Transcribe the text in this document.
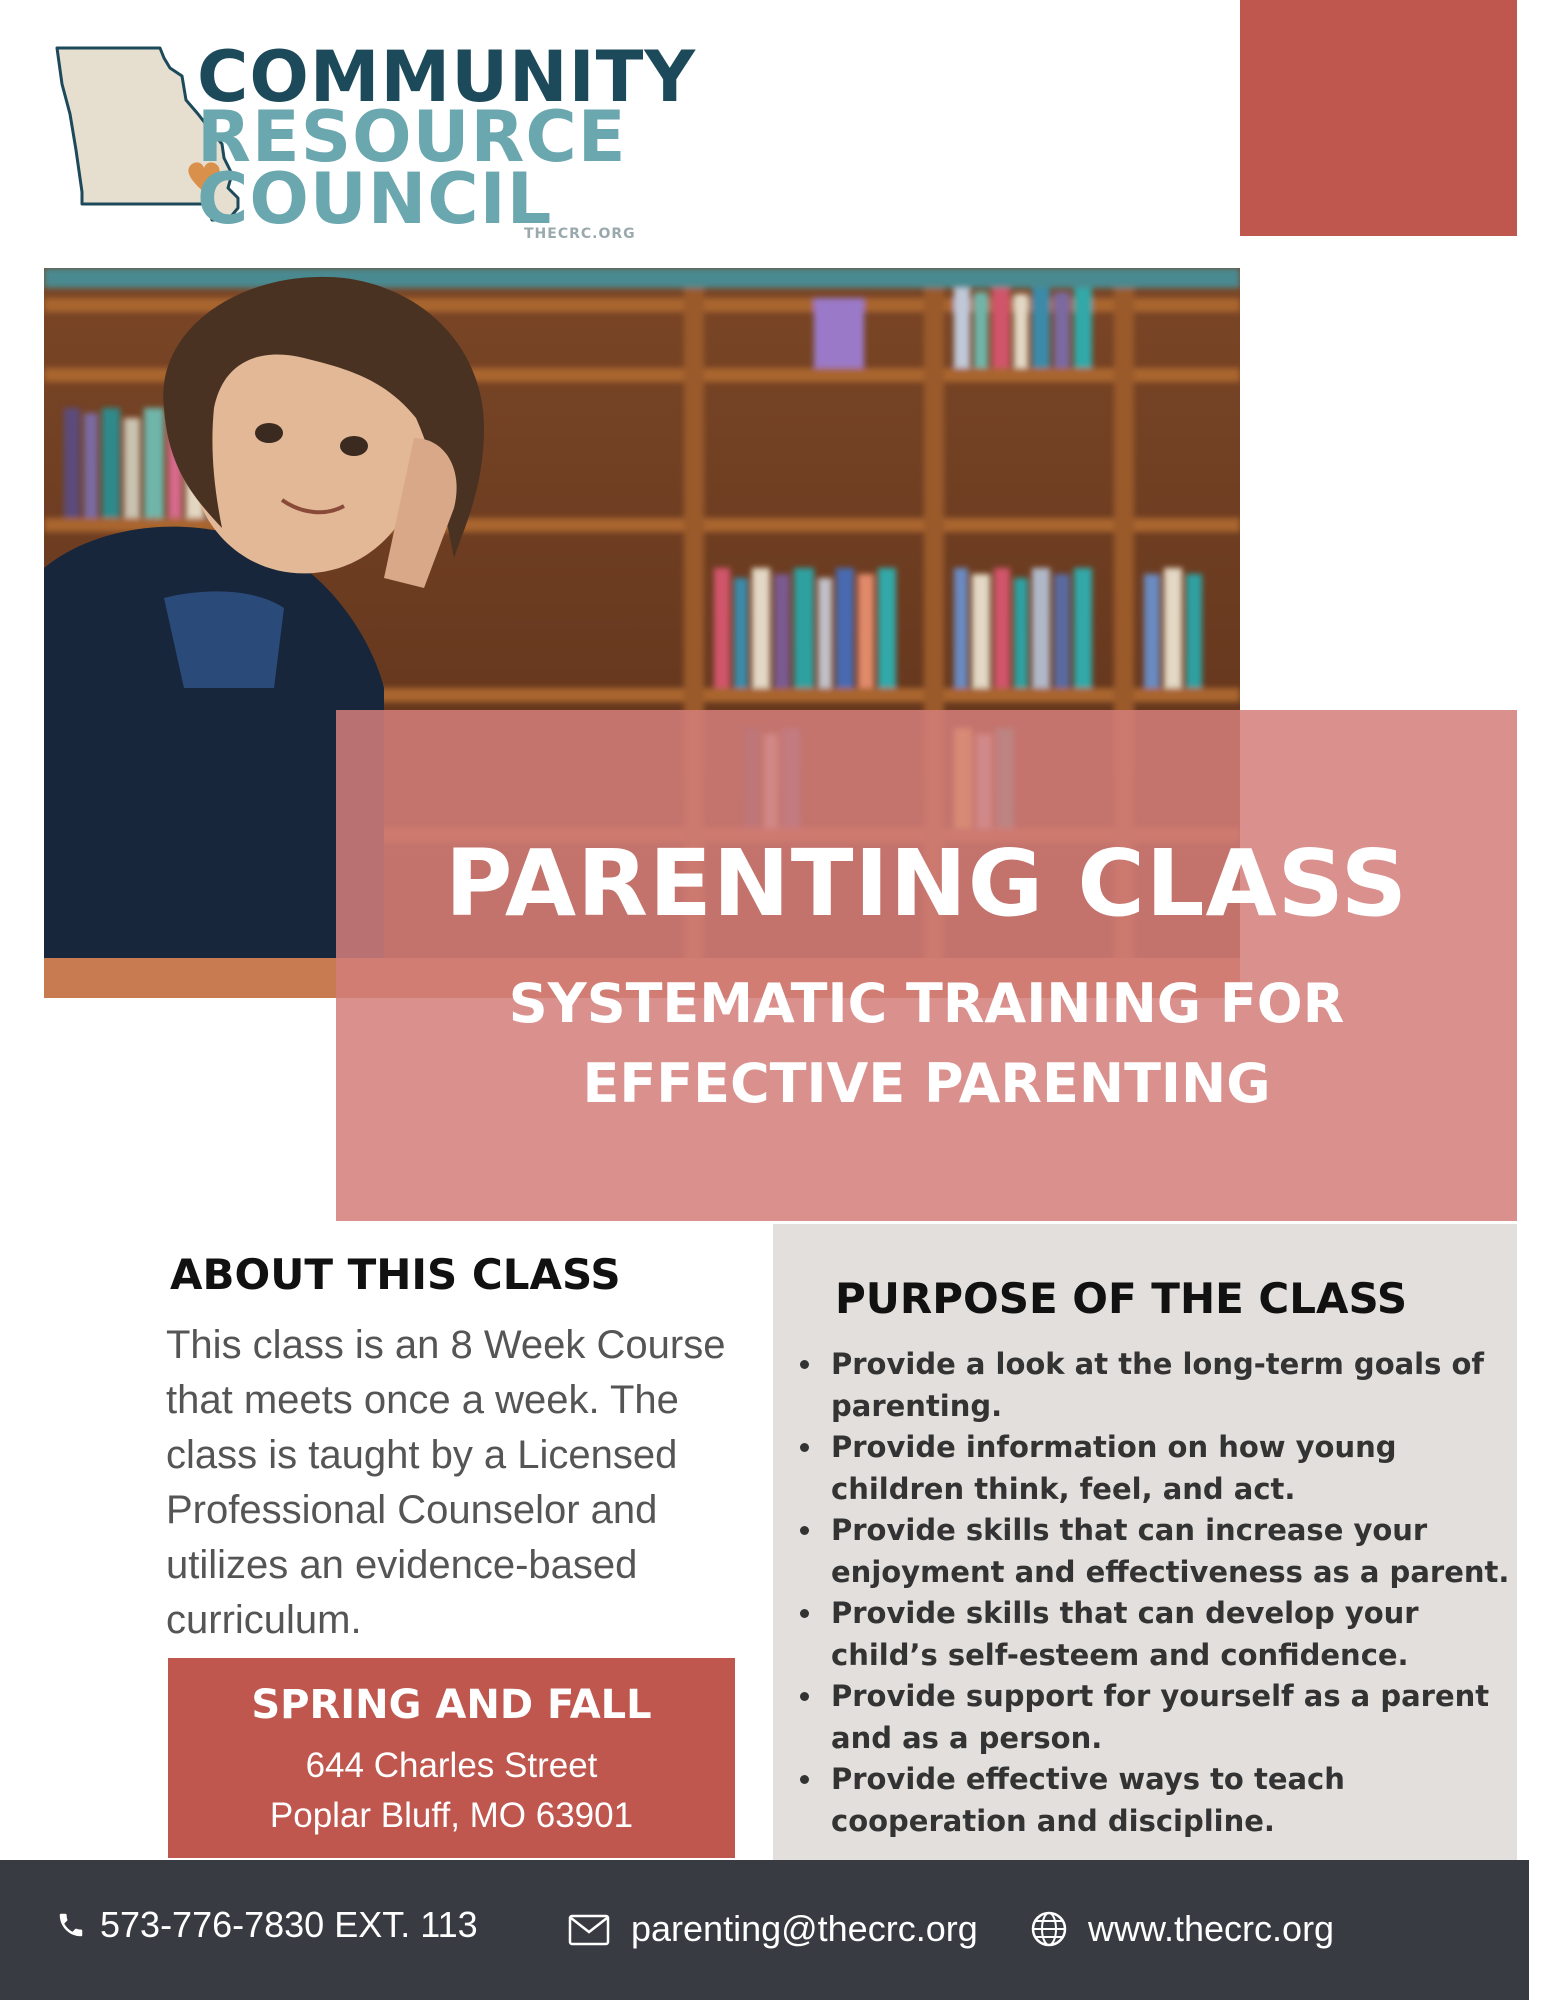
COMMUNITY
RESOURCE
COUNCIL
THECRC.ORG
PARENTING CLASS
SYSTEMATIC TRAINING FOR
EFFECTIVE PARENTING
ABOUT THIS CLASS
This class is an 8 Week Course that meets once a week. The class is taught by a Licensed Professional Counselor and utilizes an evidence-based curriculum.
SPRING AND FALL
644 Charles Street
Poplar Bluff, MO 63901
PURPOSE OF THE CLASS
• Provide a look at the long-term goals of parenting.
• Provide information on how young children think, feel, and act.
• Provide skills that can increase your enjoyment and effectiveness as a parent.
• Provide skills that can develop your child’s self-esteem and confidence.
• Provide support for yourself as a parent and as a person.
• Provide effective ways to teach cooperation and discipline.
573-776-7830 EXT. 113	parenting@thecrc.org	www.thecrc.org
